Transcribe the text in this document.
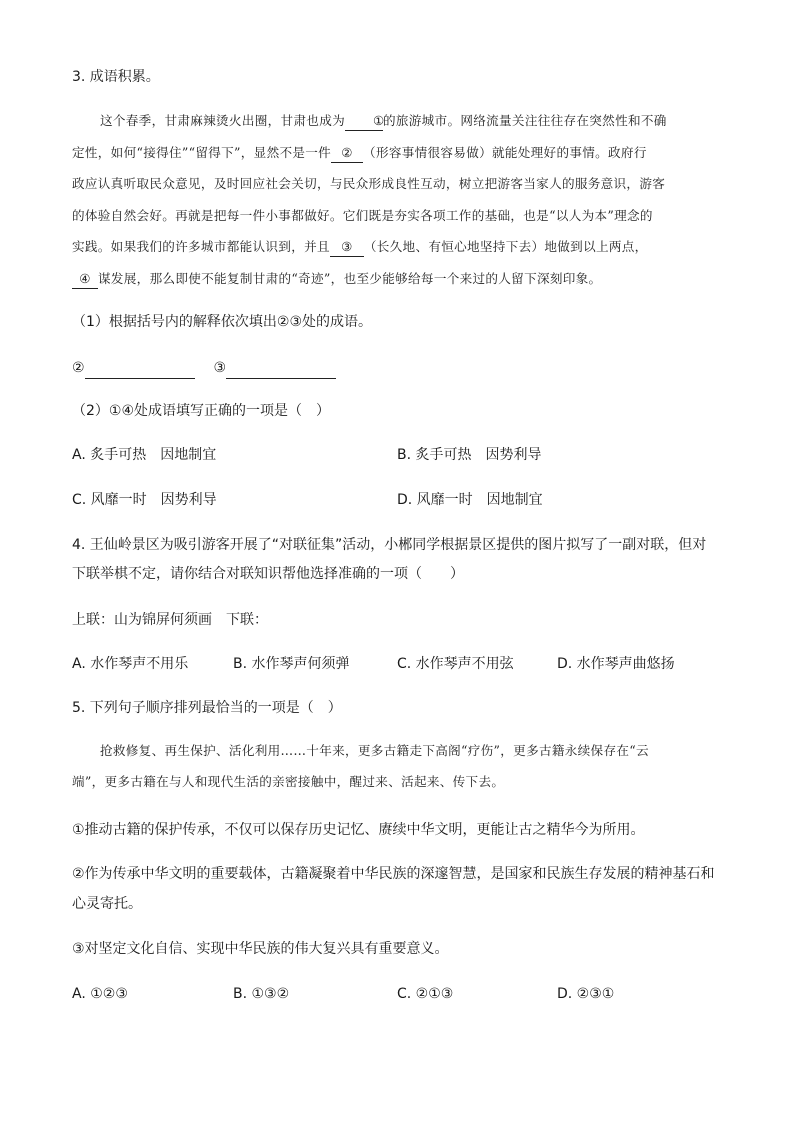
3. 成语积累。

这个春季，甘肃麻辣烫火出圈，甘肃也成为 ①的旅游城市。网络流量关注往往存在突然性和不确

定性，如何“接得住”“留得下”，显然不是一件 ② （形容事情很容易做）就能处理好的事情。政府行

政应认真听取民众意见，及时回应社会关切，与民众形成良性互动，树立把游客当家人的服务意识，游客

的体验自然会好。再就是把每一件小事都做好。它们既是夯实各项工作的基础，也是“以人为本”理念的

实践。如果我们的许多城市都能认识到，并且 ③ （长久地、有恒心地坚持下去）地做到以上两点，

④ 谋发展，那么即使不能复制甘肃的“奇迹”，也至少能够给每一个来过的人留下深刻印象。

（1）根据括号内的解释依次填出②③处的成语。
②	③
（2）①④处成语填写正确的一项是（　）
A. 炙手可热　因地制宜	B. 炙手可热　因势利导
C. 风靡一时　因势利导	D. 风靡一时　因地制宜
4. 王仙岭景区为吸引游客开展了“对联征集”活动，小郴同学根据景区提供的图片拟写了一副对联，但对
下联举棋不定，请你结合对联知识帮他选择准确的一项（　　）
上联：山为锦屏何须画　下联：
A. 水作琴声不用乐	B. 水作琴声何须弹	C. 水作琴声不用弦	D. 水作琴声曲悠扬
5. 下列句子顺序排列最恰当的一项是（　）

抢救修复、再生保护、活化利用……十年来，更多古籍走下高阁“疗伤”，更多古籍永续保存在“云

端”，更多古籍在与人和现代生活的亲密接触中，醒过来、活起来、传下去。

①推动古籍的保护传承，不仅可以保存历史记忆、赓续中华文明，更能让古之精华今为所用。
②作为传承中华文明的重要载体，古籍凝聚着中华民族的深邃智慧，是国家和民族生存发展的精神基石和
心灵寄托。
③对坚定文化自信、实现中华民族的伟大复兴具有重要意义。
A. ①②③	B. ①③②	C. ②①③	D. ②③①
